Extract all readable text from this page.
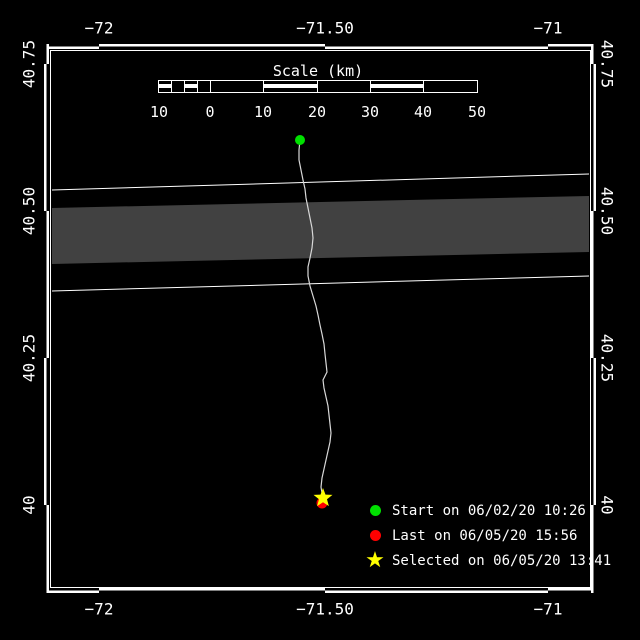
−72
−72
−71.50
−71.50
−71
−71
40.75	40.75
40.50	40.50
40.25	40.25
40	40
Scale (km)
10 0	10 20 30 40 50
Start on 06/02/20 10:26
Last on 06/05/20 15:56
★ Selected on 06/05/20 13:41
